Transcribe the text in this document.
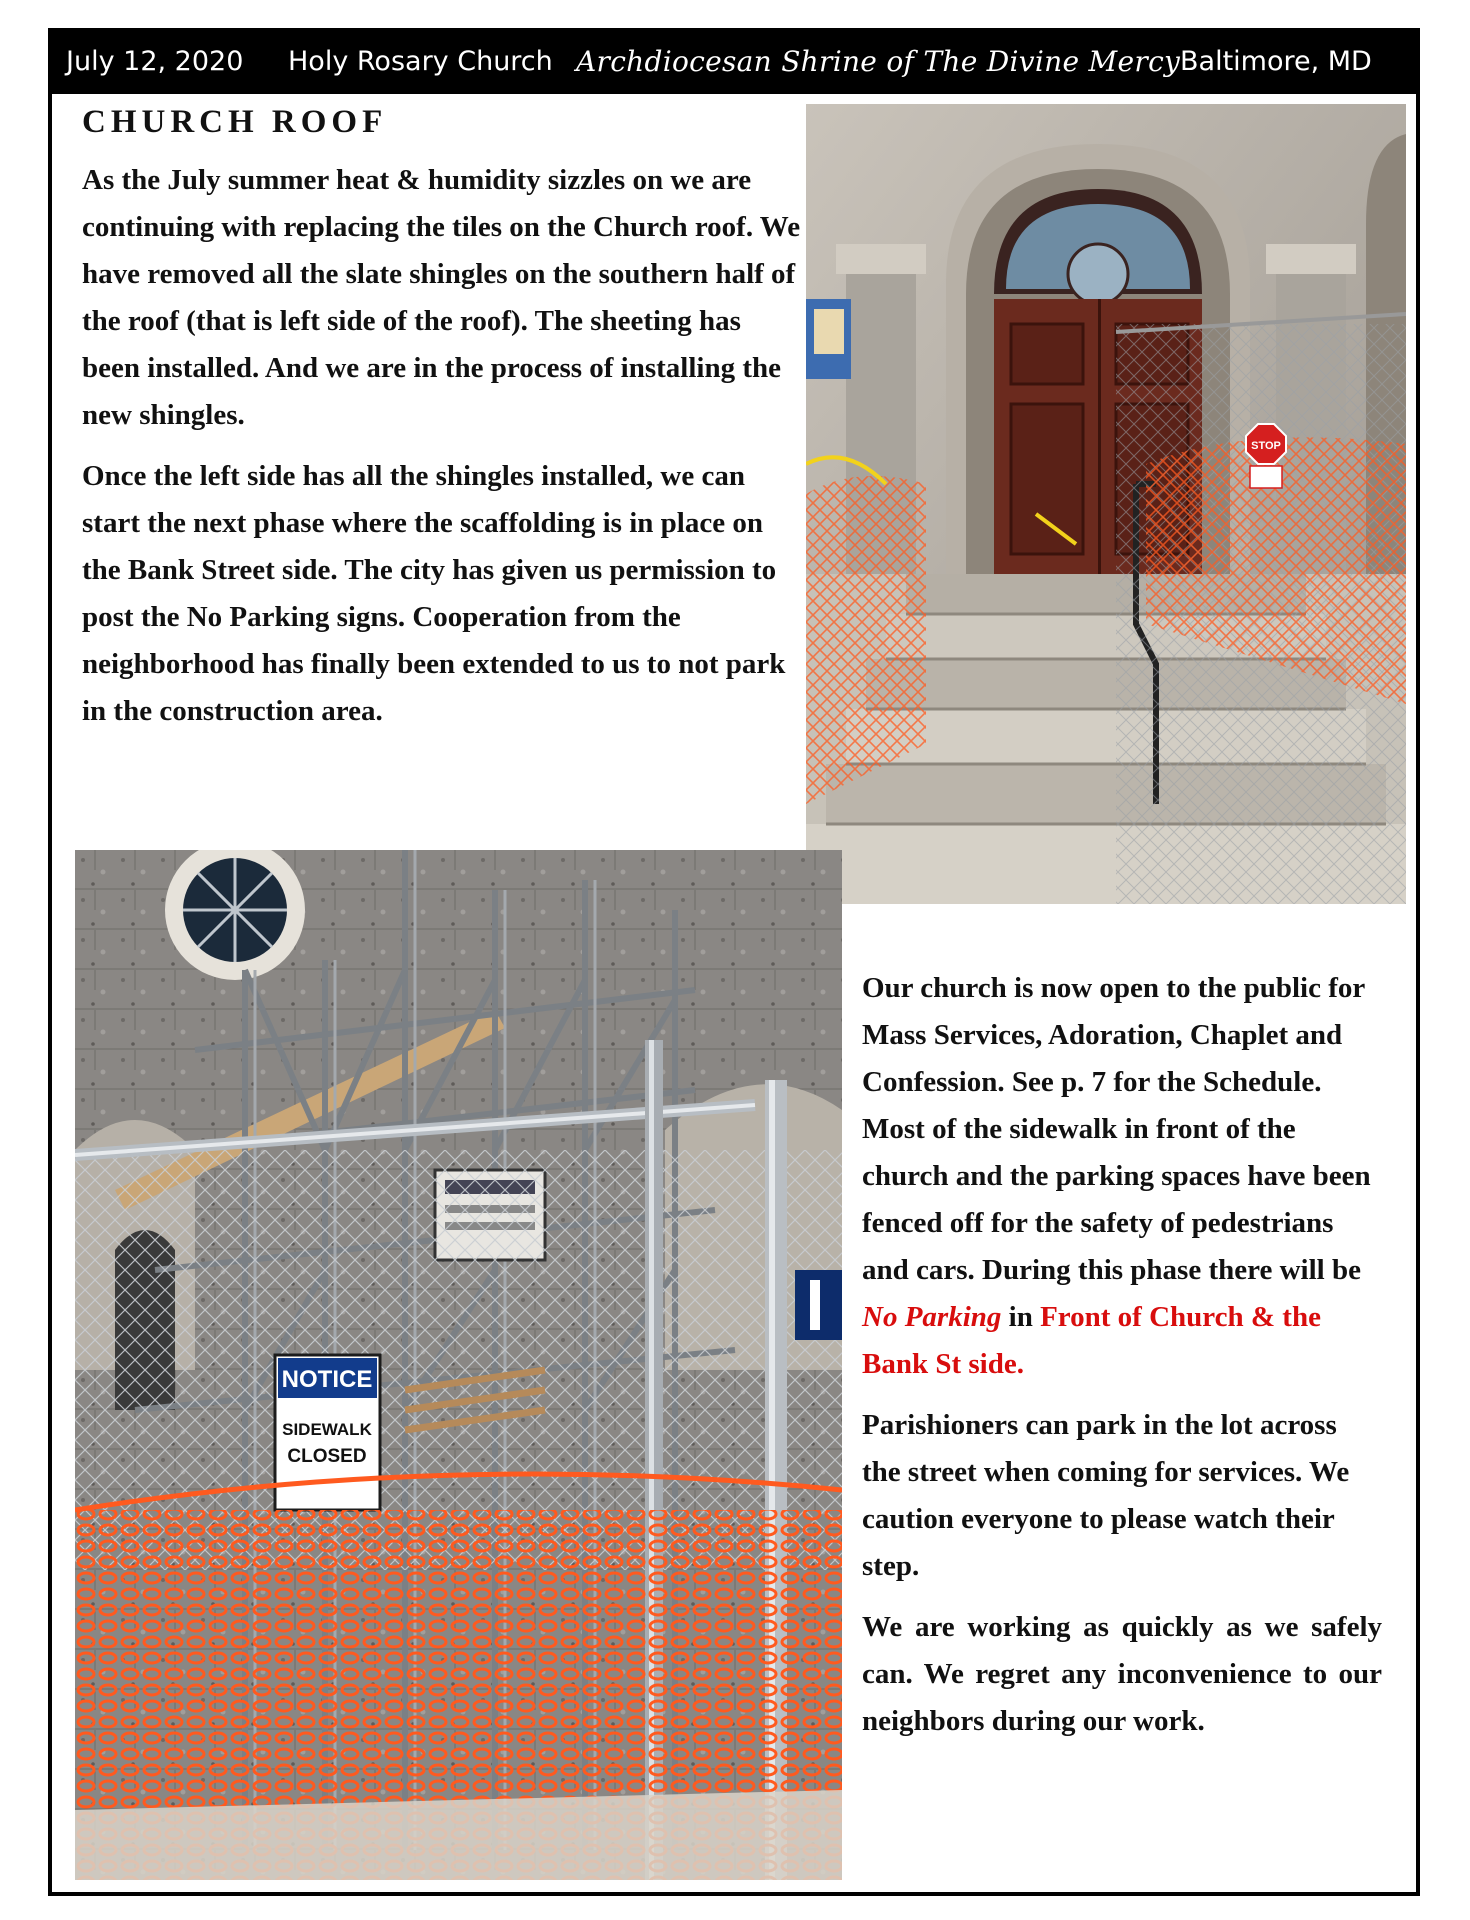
July 12, 2020 Holy Rosary Church Archdiocesan Shrine of The Divine Mercy Baltimore, MD
CHURCH ROOF

As the July summer heat & humidity sizzles on we are continuing with replacing the tiles on the Church roof. We have removed all the slate shingles on the southern half of the roof (that is left side of the roof). The sheeting has been installed. And we are in the process of installing the new shingles.

Once the left side has all the shingles installed, we can start the next phase where the scaffolding is in place on the Bank Street side. The city has given us permission to post the No Parking signs. Cooperation from the neighborhood has finally been extended to us to not park in the construction area.

STOP
NOTICE
SIDEWALK
CLOSED

Our church is now open to the public for Mass Services, Adoration, Chaplet and Confession. See p. 7 for the Schedule. Most of the sidewalk in front of the church and the parking spaces have been fenced off for the safety of pedestrians and cars. During this phase there will be No Parking in Front of Church & the Bank St side.

Parishioners can park in the lot across the street when coming for services. We caution everyone to please watch their step.

We are working as quickly as we safely can. We regret any inconvenience to our neighbors during our work.
